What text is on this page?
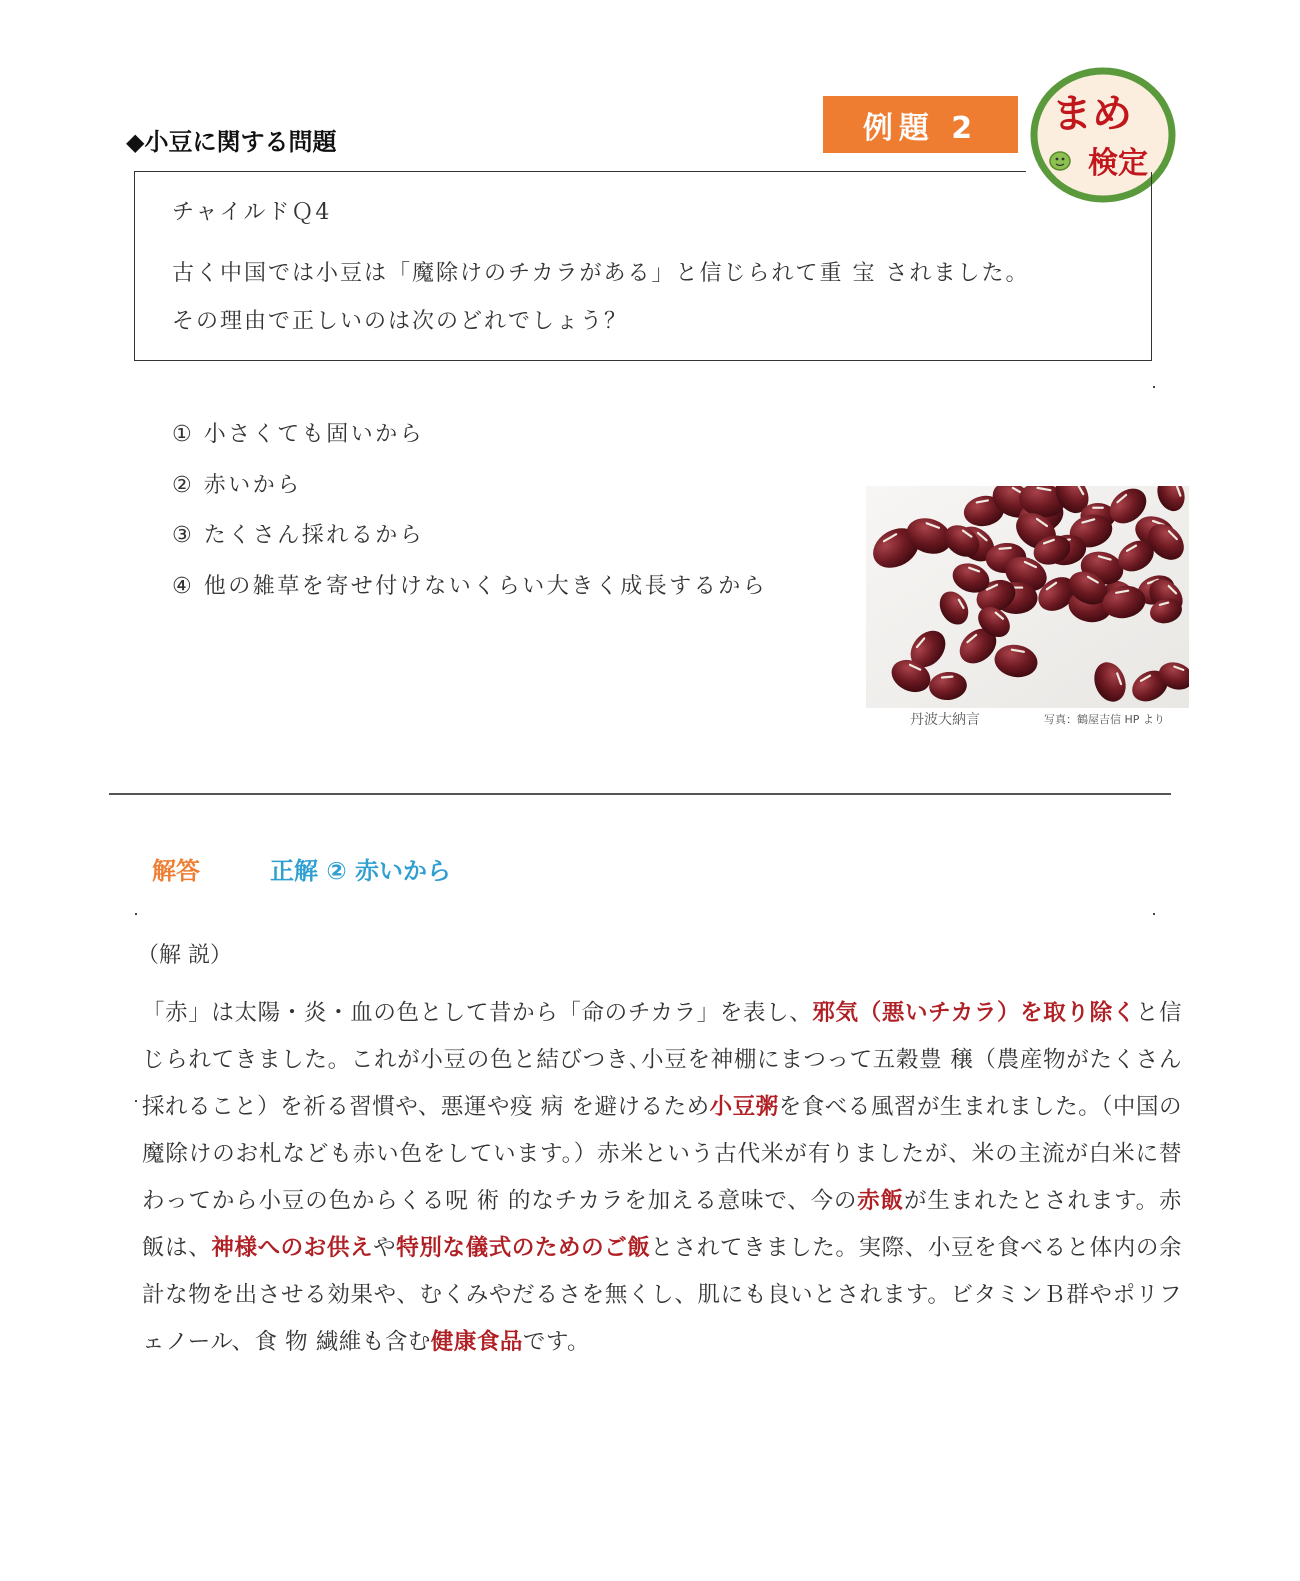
◆小豆に関する問題	例題 2	まめ
検定
チャイルドＱ4

古く中国では小豆は「魔除けのチカラがある」と信じられて重 宝 されました。その理由で正しいのは次のどれでしょう？

① 小さくても固いから
② 赤いから
③ たくさん採れるから
④ 他の雑草を寄せ付けないくらい大きく成長するから
丹波大納言	写真：鶴屋吉信 HP より
解答	正解 ② 赤いから
（解 説）

「赤」は太陽・炎・血の色として昔から「命のチカラ」を表し、邪気（悪いチカラ）を取り除くと信じられてきました。これが小豆の色と結びつき､小豆を神棚にまつって五穀豊 穣（農産物がたくさん採れること）を祈る習慣や、悪運や疫 病 を避けるため小豆粥を食べる風習が生まれました。（中国の魔除けのお札なども赤い色をしています。）赤米という古代米が有りましたが、米の主流が白米に替わってから小豆の色からくる呪 術 的なチカラを加える意味で、今の赤飯が生まれたとされます。赤飯は、神様へのお供えや特別な儀式のためのご飯とされてきました。実際、小豆を食べると体内の余計な物を出させる効果や、むくみやだるさを無くし、肌にも良いとされます。ビタミンＢ群やポリフェノール、食 物 繊維も含む健康食品です。
